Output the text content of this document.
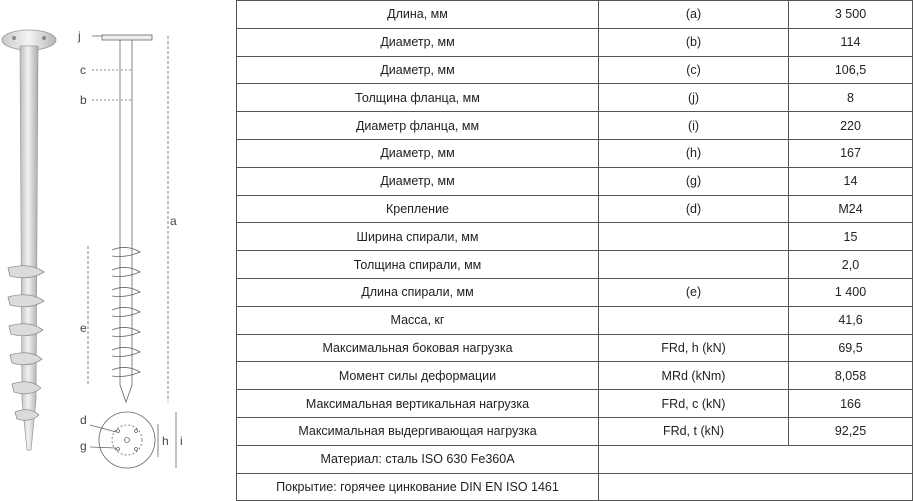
j
c
b
a
e
d
g	h i
Длина, мм	(a)	3 500
Диаметр, мм	(b)	114
Диаметр, мм	(c)	106,5
Толщина фланца, мм	(j)	8
Диаметр фланца, мм	(i)	220
Диаметр, мм	(h)	167
Диаметр, мм	(g)	14
Крепление	(d)	M24
Ширина спирали, мм		15
Толщина спирали, мм		2,0
Длина спирали, мм	(e)	1 400
Масса, кг		41,6
Максимальная боковая нагрузка	FRd, h (kN)	69,5
Момент силы деформации	MRd (kNm)	8,058
Максимальная вертикальная нагрузка	FRd, c (kN)	166
Максимальная выдергивающая нагрузка	FRd, t (kN)	92,25
Материал: сталь ISO 630 Fe360A		
Покрытие: горячее цинкование DIN EN ISO 1461		
